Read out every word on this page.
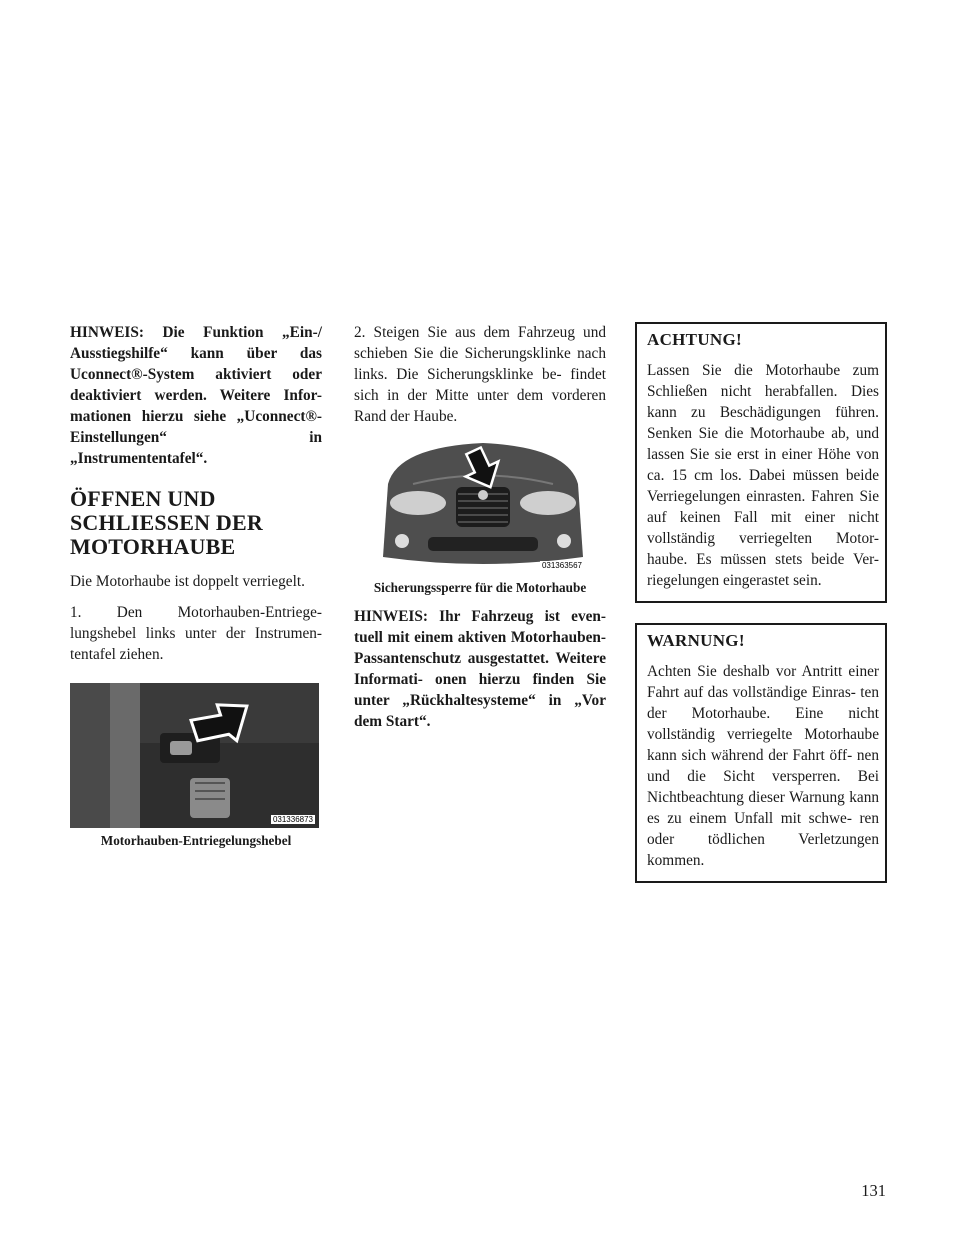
HINWEIS: Die Funktion „Ein-/ Ausstiegshilfe“ kann über das Uconnect®-System aktiviert oder deaktiviert werden. Weitere Infor- mationen hierzu siehe „Uconnect®-Einstellungen“ in „Instrumententafel“.

ÖFFNEN UND SCHLIESSEN DER MOTORHAUBE

Die Motorhaube ist doppelt verriegelt.

1. Den Motorhauben-Entriege- lungshebel links unter der Instrumen- tentafel ziehen.

031336873
Motorhauben-Entriegelungshebel

2. Steigen Sie aus dem Fahrzeug und schieben Sie die Sicherungsklinke nach links. Die Sicherungsklinke be- findet sich in der Mitte unter dem vorderen Rand der Haube.

031363567
Sicherungssperre für die Motorhaube

HINWEIS: Ihr Fahrzeug ist even- tuell mit einem aktiven Motorhauben-Passantenschutz ausgestattet. Weitere Informati- onen hierzu finden Sie unter „Rückhaltesysteme“ in „Vor dem Start“.

ACHTUNG!

Lassen Sie die Motorhaube zum Schließen nicht herabfallen. Dies kann zu Beschädigungen führen. Senken Sie die Motorhaube ab, und lassen Sie sie erst in einer Höhe von ca. 15 cm los. Dabei müssen beide Verriegelungen einrasten. Fahren Sie auf keinen Fall mit einer nicht vollständig verriegelten Motor- haube. Es müssen stets beide Ver- riegelungen eingerastet sein.

WARNUNG!

Achten Sie deshalb vor Antritt einer Fahrt auf das vollständige Einras- ten der Motorhaube. Eine nicht vollständig verriegelte Motorhaube kann sich während der Fahrt öff- nen und die Sicht versperren. Bei Nichtbeachtung dieser Warnung kann es zu einem Unfall mit schwe- ren oder tödlichen Verletzungen kommen.

131
